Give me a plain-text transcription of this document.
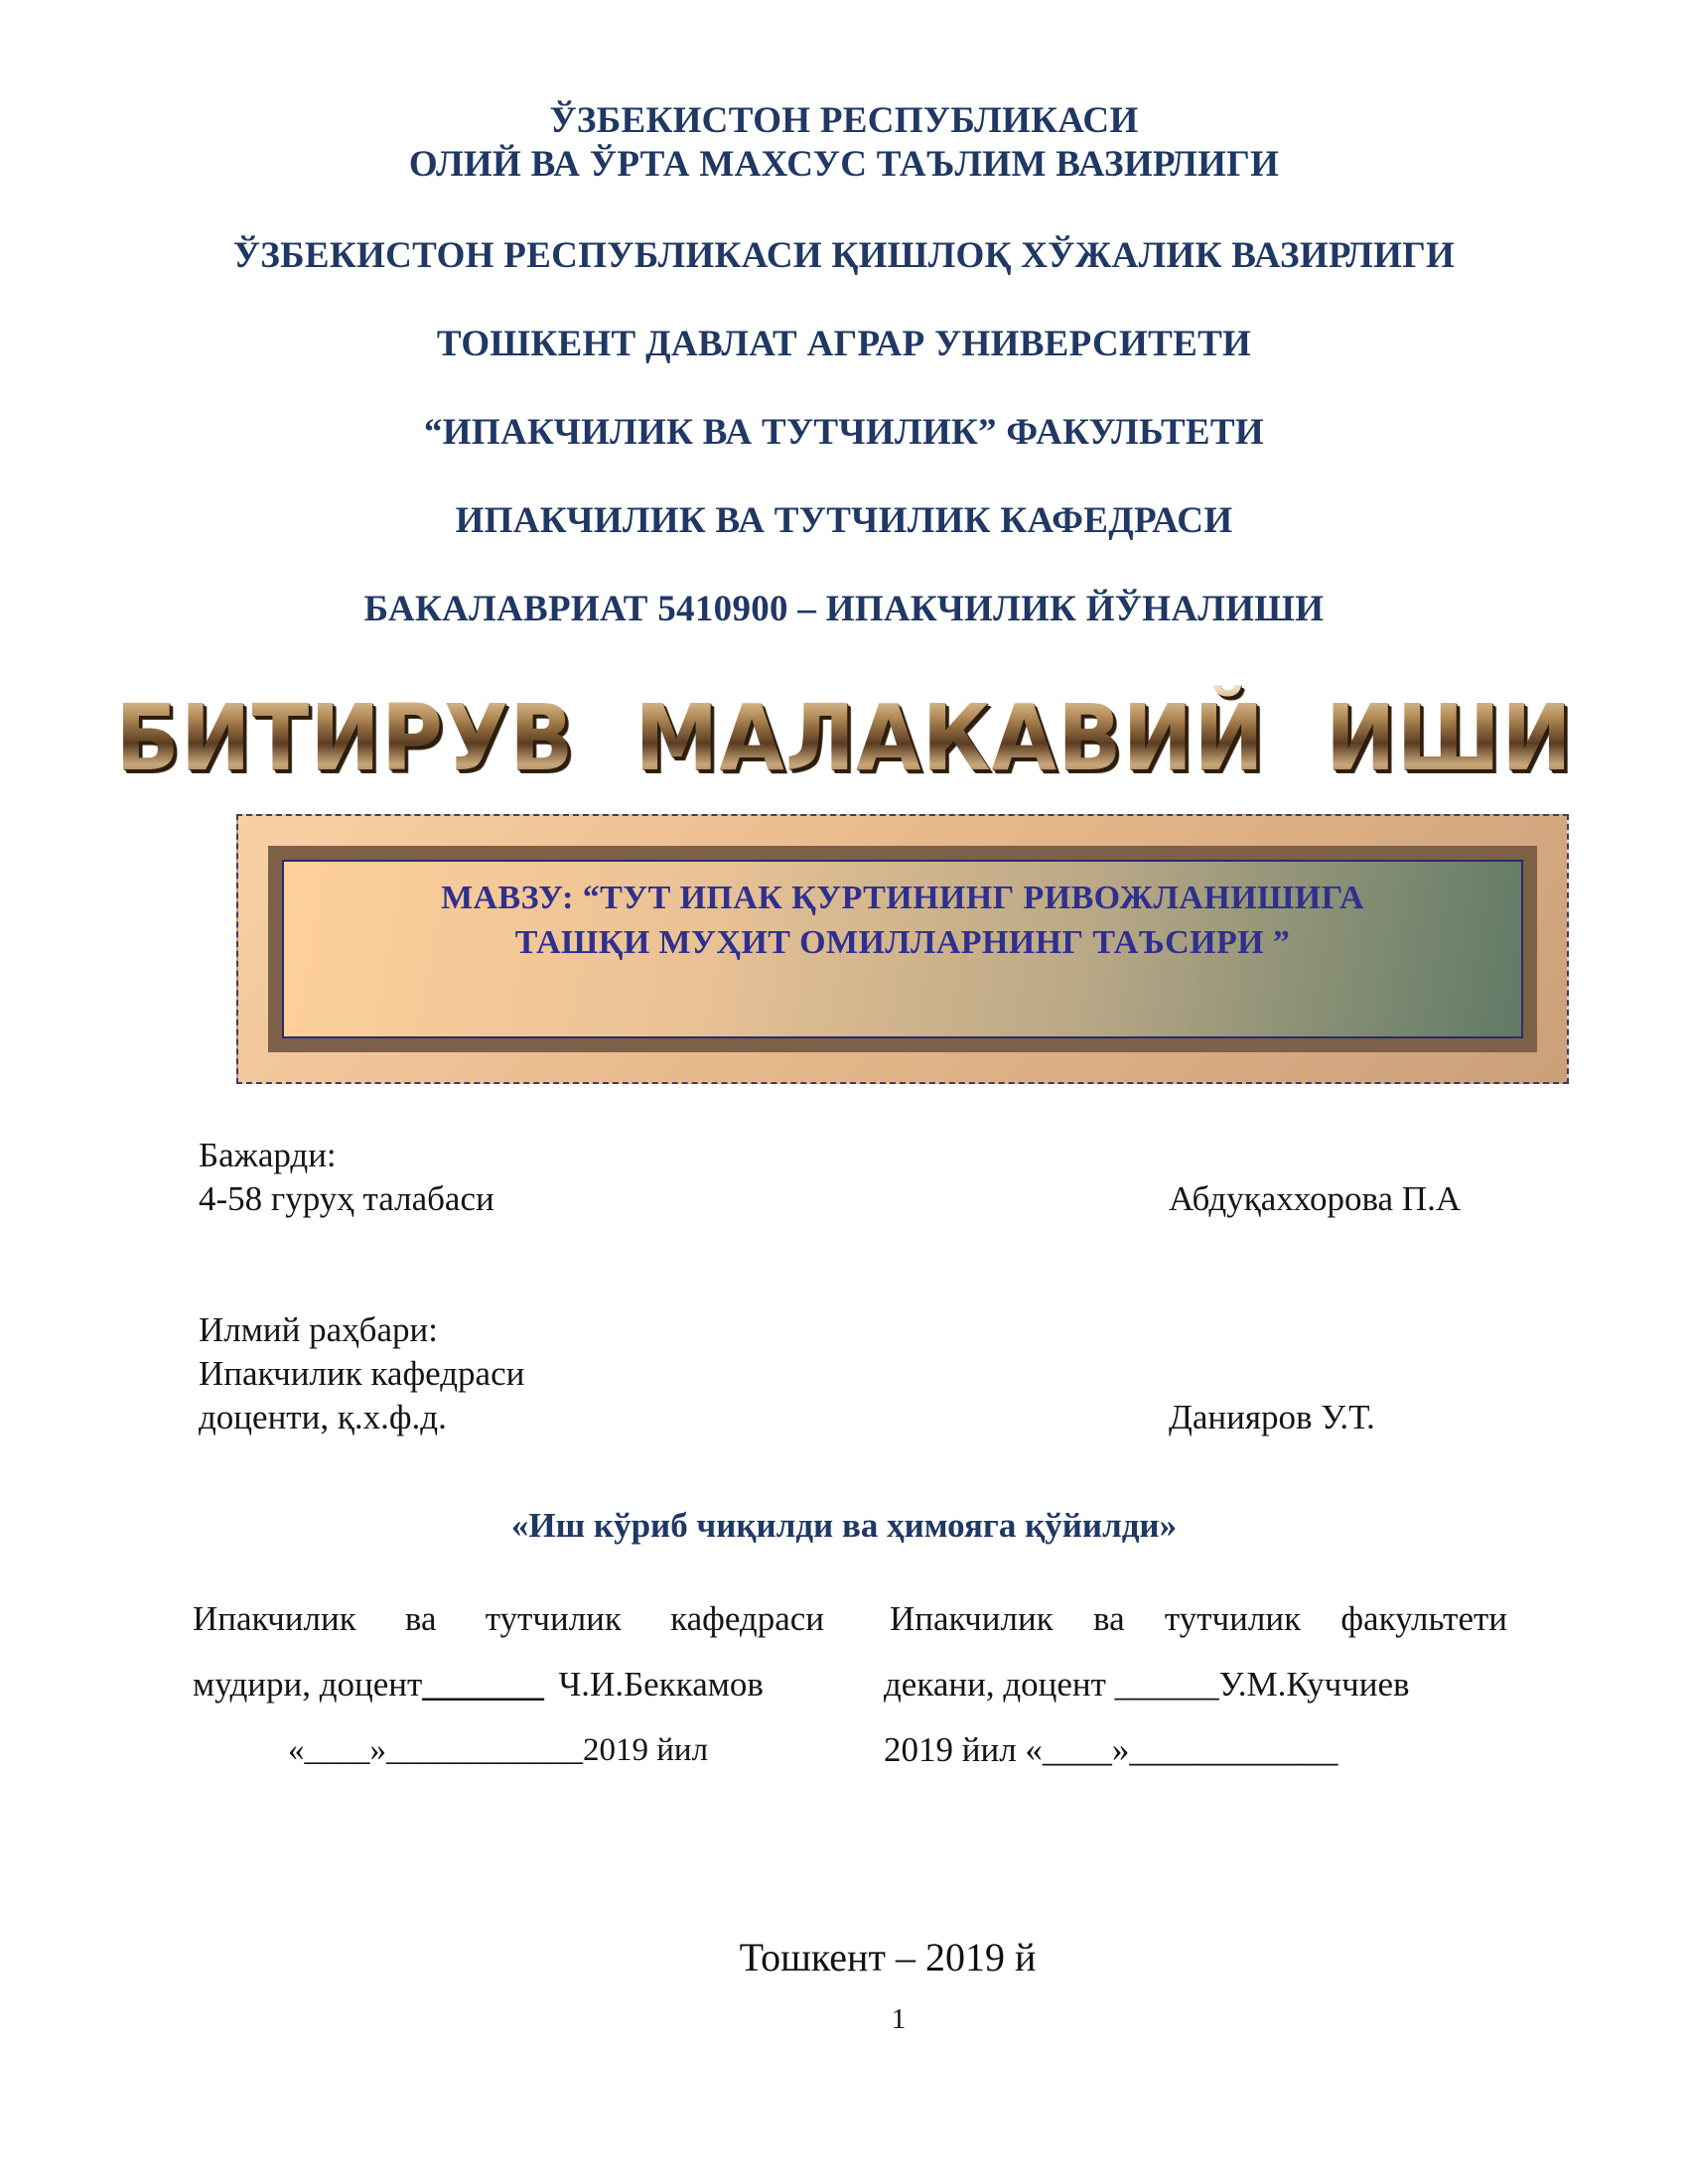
ЎЗБЕКИСТОН РЕСПУБЛИКАСИ
ОЛИЙ ВА ЎРТА МАХСУС ТАЪЛИМ ВАЗИРЛИГИ
ЎЗБЕКИСТОН РЕСПУБЛИКАСИ ҚИШЛОҚ ХЎЖАЛИК ВАЗИРЛИГИ
ТОШКЕНТ ДАВЛАТ АГРАР УНИВЕРСИТЕТИ
“ИПАКЧИЛИК ВА ТУТЧИЛИК” ФАКУЛЬТЕТИ
ИПАКЧИЛИК ВА ТУТЧИЛИК КАФЕДРАСИ
БАКАЛАВРИАТ 5410900 – ИПАКЧИЛИК ЙЎНАЛИШИ
БИТИРУВ  МАЛАКАВИЙ  ИШИ
МАВЗУ: “ТУТ ИПАК ҚУРТИНИНГ РИВОЖЛАНИШИГА
ТАШҚИ МУҲИТ ОМИЛЛАРНИНГ ТАЪСИРИ ”
Бажарди:
4-58 гуруҳ талабаси	Абдуқаххорова П.А
Илмий раҳбари:
Ипакчилик кафедраси
доценти, қ.х.ф.д.	Данияров У.Т.
«Иш кўриб чиқилди ва ҳимояга қўйилди»
Ипакчилик ва тутчилик кафедраси
мудири, доцент_______ Ч.И.Беккамов
«____»____________2019 йил
Ипакчилик ва тутчилик факультети
декани, доцент ______У.М.Куччиев
2019 йил «____»____________
Тошкент – 2019 й
1
